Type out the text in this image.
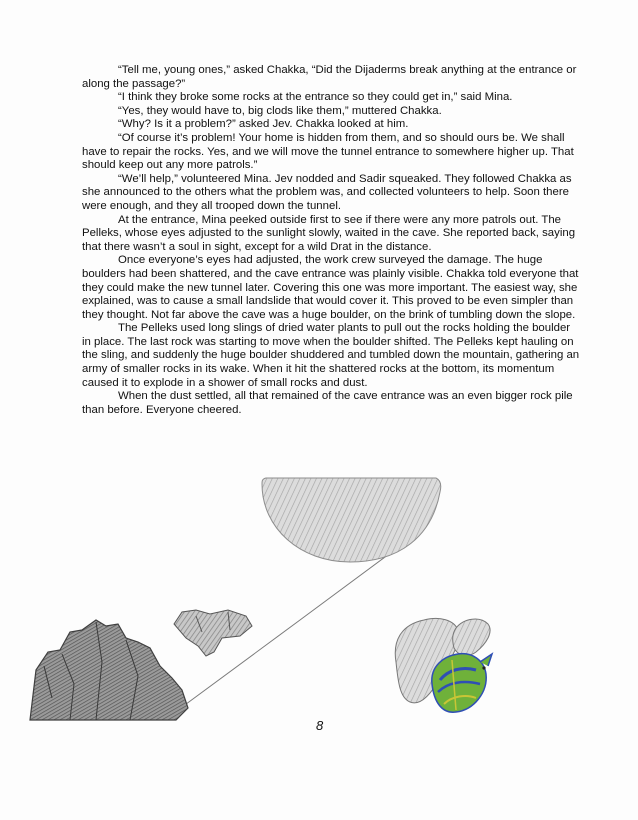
“Tell me, young ones,” asked Chakka, “Did the Dijaderms break anything at the entrance or along the passage?”

“I think they broke some rocks at the entrance so they could get in,” said Mina.

“Yes, they would have to, big clods like them,” muttered Chakka.

“Why? Is it a problem?” asked Jev. Chakka looked at him.

“Of course it’s problem! Your home is hidden from them, and so should ours be. We shall have to repair the rocks. Yes, and we will move the tunnel entrance to somewhere higher up. That should keep out any more patrols.”

“We’ll help,” volunteered Mina. Jev nodded and Sadir squeaked. They followed Chakka as she announced to the others what the problem was, and collected volunteers to help. Soon there were enough, and they all trooped down the tunnel.

At the entrance, Mina peeked outside first to see if there were any more patrols out. The Pelleks, whose eyes adjusted to the sunlight slowly, waited in the cave. She reported back, saying that there wasn’t a soul in sight, except for a wild Drat in the distance.

Once everyone’s eyes had adjusted, the work crew surveyed the damage. The huge boulders had been shattered, and the cave entrance was plainly visible. Chakka told everyone that they could make the new tunnel later. Covering this one was more important. The easiest way, she explained, was to cause a small landslide that would cover it. This proved to be even simpler than they thought. Not far above the cave was a huge boulder, on the brink of tumbling down the slope.

The Pelleks used long slings of dried water plants to pull out the rocks holding the boulder in place. The last rock was starting to move when the boulder shifted. The Pelleks kept hauling on the sling, and suddenly the huge boulder shuddered and tumbled down the mountain, gathering an army of smaller rocks in its wake. When it hit the shattered rocks at the bottom, its momentum caused it to explode in a shower of small rocks and dust.

When the dust settled, all that remained of the cave entrance was an even bigger rock pile than before. Everyone cheered.

8
